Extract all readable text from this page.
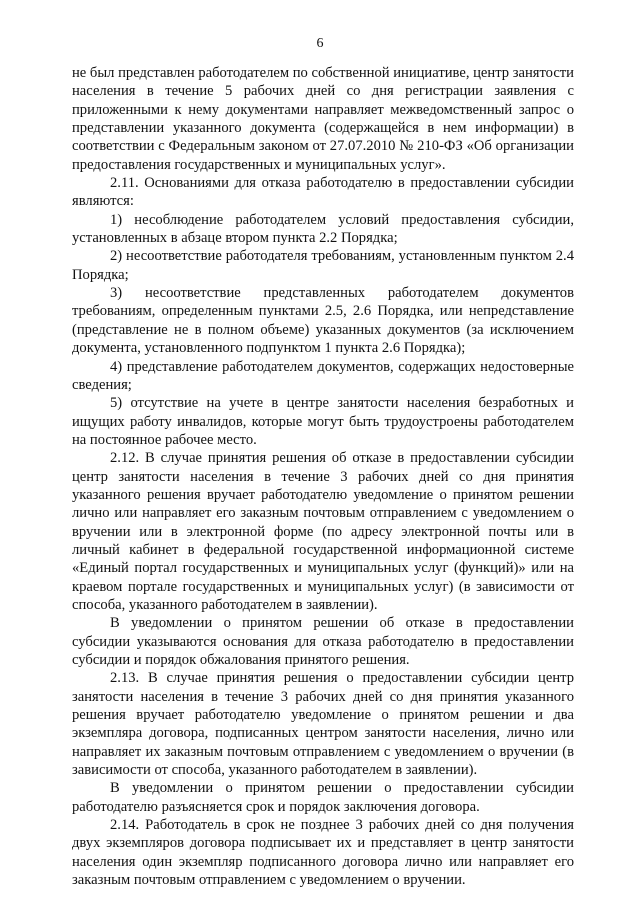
6

не был представлен работодателем по собственной инициативе, центр занятости населения в течение 5 рабочих дней со дня регистрации заявления с приложенными к нему документами направляет межведомственный запрос о представлении указанного документа (содержащейся в нем информации) в соответствии с Федеральным законом от 27.07.2010 № 210-ФЗ «Об организации предоставления государственных и муниципальных услуг».

2.11. Основаниями для отказа работодателю в предоставлении субсидии являются:

1) несоблюдение работодателем условий предоставления субсидии, установленных в абзаце втором пункта 2.2 Порядка;

2) несоответствие работодателя требованиям, установленным пунктом 2.4 Порядка;

3) несоответствие представленных работодателем документов требованиям, определенным пунктами 2.5, 2.6 Порядка, или непредставление (представление не в полном объеме) указанных документов (за исключением документа, установленного подпунктом 1 пункта 2.6 Порядка);

4) представление работодателем документов, содержащих недостоверные сведения;

5) отсутствие на учете в центре занятости населения безработных и ищущих работу инвалидов, которые могут быть трудоустроены работодателем на постоянное рабочее место.

2.12. В случае принятия решения об отказе в предоставлении субсидии центр занятости населения в течение 3 рабочих дней со дня принятия указанного решения вручает работодателю уведомление о принятом решении лично или направляет его заказным почтовым отправлением с уведомлением о вручении или в электронной форме (по адресу электронной почты или в личный кабинет в федеральной государственной информационной системе «Единый портал государственных и муниципальных услуг (функций)» или на краевом портале государственных и муниципальных услуг) (в зависимости от способа, указанного работодателем в заявлении).

В уведомлении о принятом решении об отказе в предоставлении субсидии указываются основания для отказа работодателю в предоставлении субсидии и порядок обжалования принятого решения.

2.13. В случае принятия решения о предоставлении субсидии центр занятости населения в течение 3 рабочих дней со дня принятия указанного решения вручает работодателю уведомление о принятом решении и два экземпляра договора, подписанных центром занятости населения, лично или направляет их заказным почтовым отправлением с уведомлением о вручении (в зависимости от способа, указанного работодателем в заявлении).

В уведомлении о принятом решении о предоставлении субсидии работодателю разъясняется срок и порядок заключения договора.

2.14. Работодатель в срок не позднее 3 рабочих дней со дня получения двух экземпляров договора подписывает их и представляет в центр занятости населения один экземпляр подписанного договора лично или направляет его заказным почтовым отправлением с уведомлением о вручении.
